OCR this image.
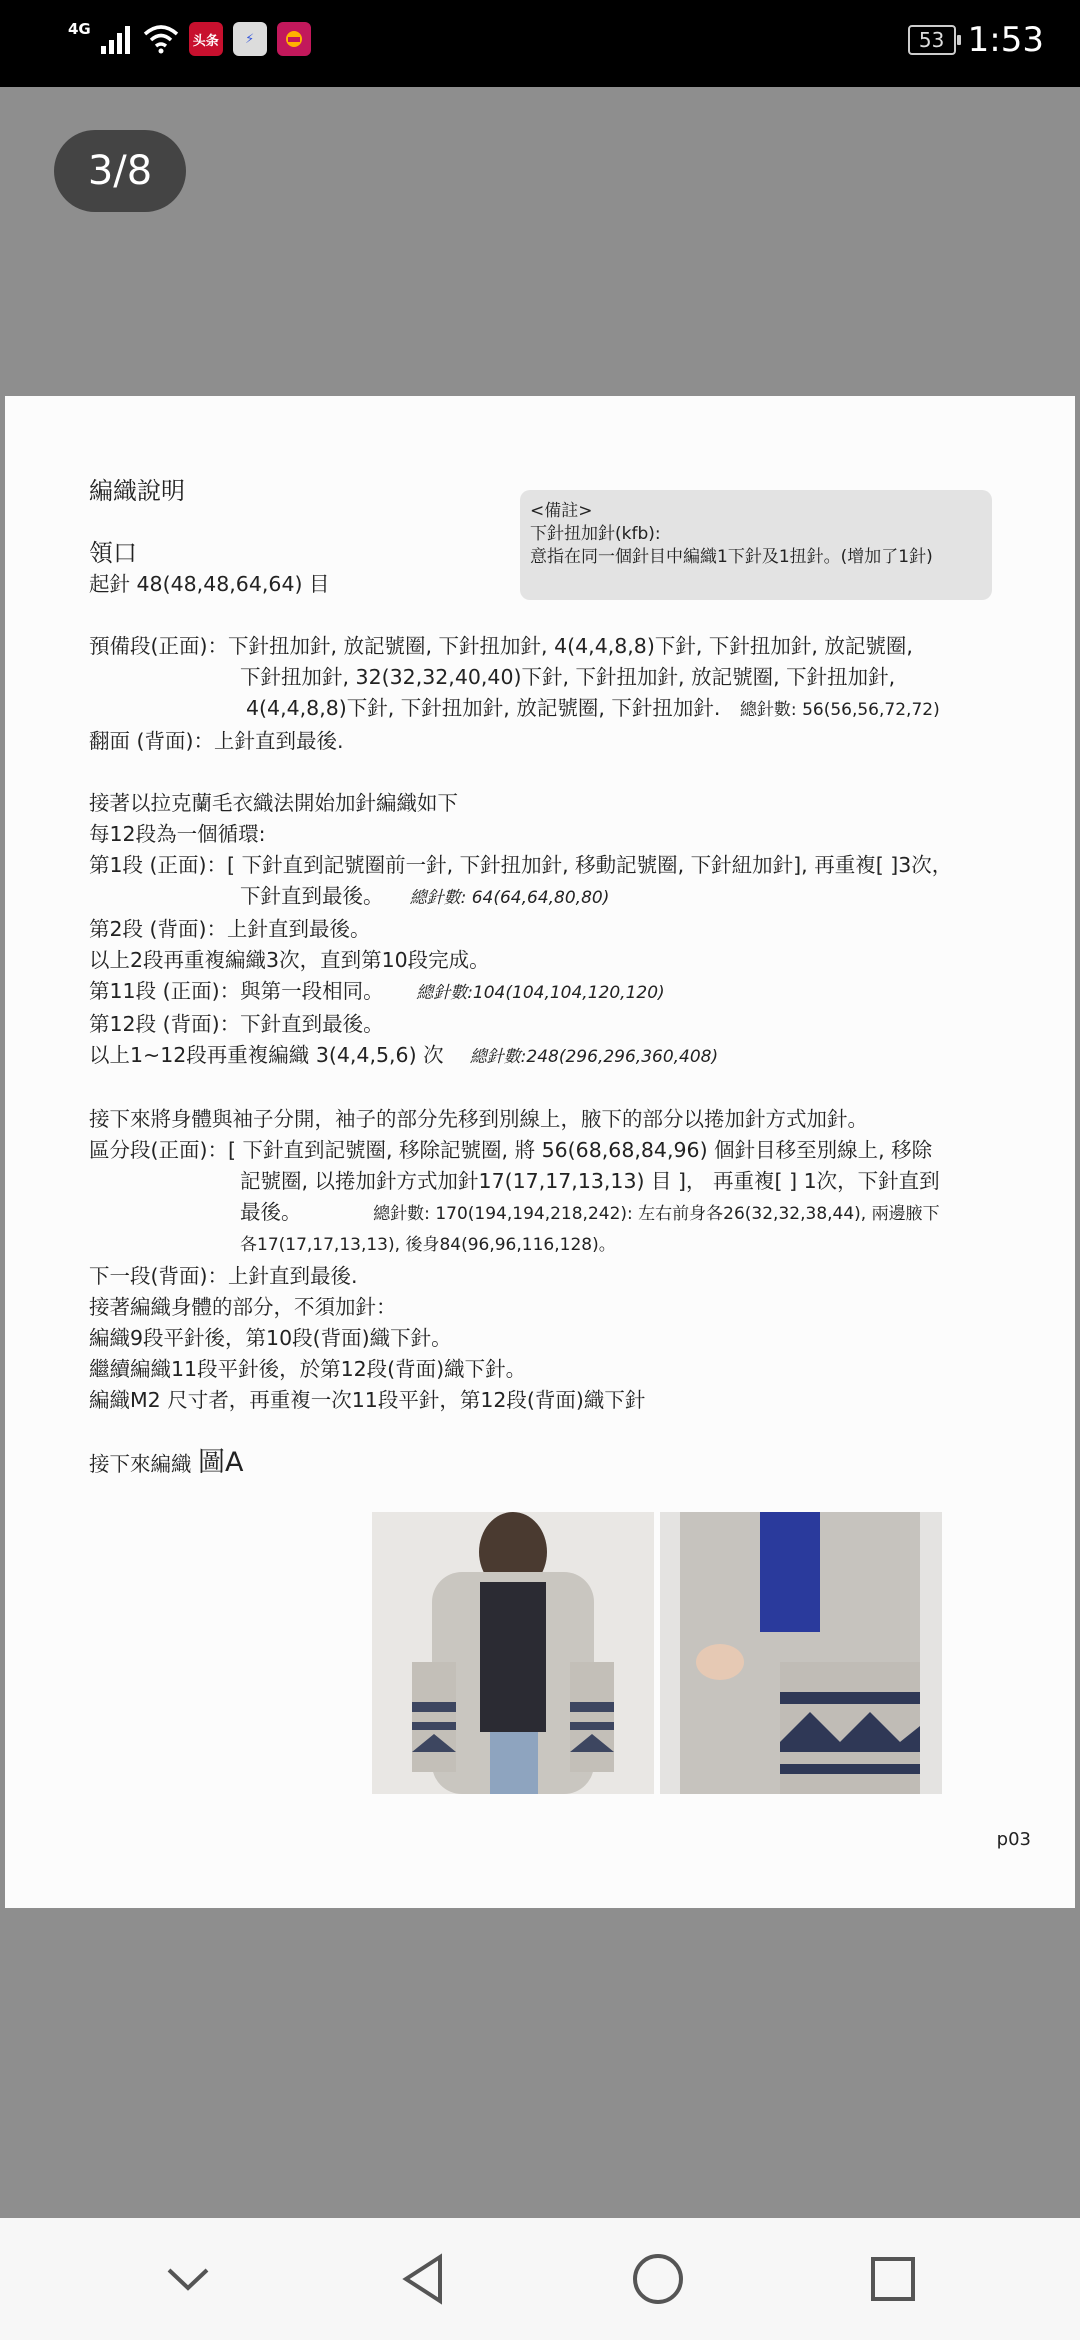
4G
头条	⚡	53 1:53
3/8
<備註>
下針扭加針(kfb):
意指在同一個針目中編織1下針及1扭針。(增加了1針)
編織說明
領口
起針 48(48,48,64,64) 目
預備段(正面)：下針扭加針, 放記號圈, 下針扭加針, 4(4,4,8,8)下針, 下針扭加針, 放記號圈,
下針扭加針, 32(32,32,40,40)下針, 下針扭加針, 放記號圈, 下針扭加針,
4(4,4,8,8)下針, 下針扭加針, 放記號圈, 下針扭加針. 總針數: 56(56,56,72,72)
翻面 (背面)：上針直到最後.
接著以拉克蘭毛衣織法開始加針編織如下
每12段為一個循環:
第1段 (正面)：[ 下針直到記號圈前一針, 下針扭加針, 移動記號圈, 下針紐加針], 再重複[ ]3次，
下針直到最後。 總針數: 64(64,64,80,80)
第2段 (背面)：上針直到最後。
以上2段再重複編織3次，直到第10段完成。
第11段 (正面)：與第一段相同。 總針數:104(104,104,120,120)
第12段 (背面)：下針直到最後。
以上1~12段再重複編織 3(4,4,5,6) 次 總針數:248(296,296,360,408)
接下來將身體與袖子分開，袖子的部分先移到別線上，腋下的部分以捲加針方式加針。
區分段(正面)：[ 下針直到記號圈, 移除記號圈, 將 56(68,68,84,96) 個針目移至別線上, 移除
記號圈, 以捲加針方式加針17(17,17,13,13) 目 ]， 再重複[ ] 1次，下針直到
最後。	總針數: 170(194,194,218,242): 左右前身各26(32,32,38,44), 兩邊腋下
各17(17,17,13,13), 後身84(96,96,116,128)。
下一段(背面)：上針直到最後.
接著編織身體的部分，不須加針：
編織9段平針後，第10段(背面)織下針。
繼續編織11段平針後，於第12段(背面)織下針。
編織M2 尺寸者，再重複一次11段平針，第12段(背面)織下針
接下來編織 圖A
p03
